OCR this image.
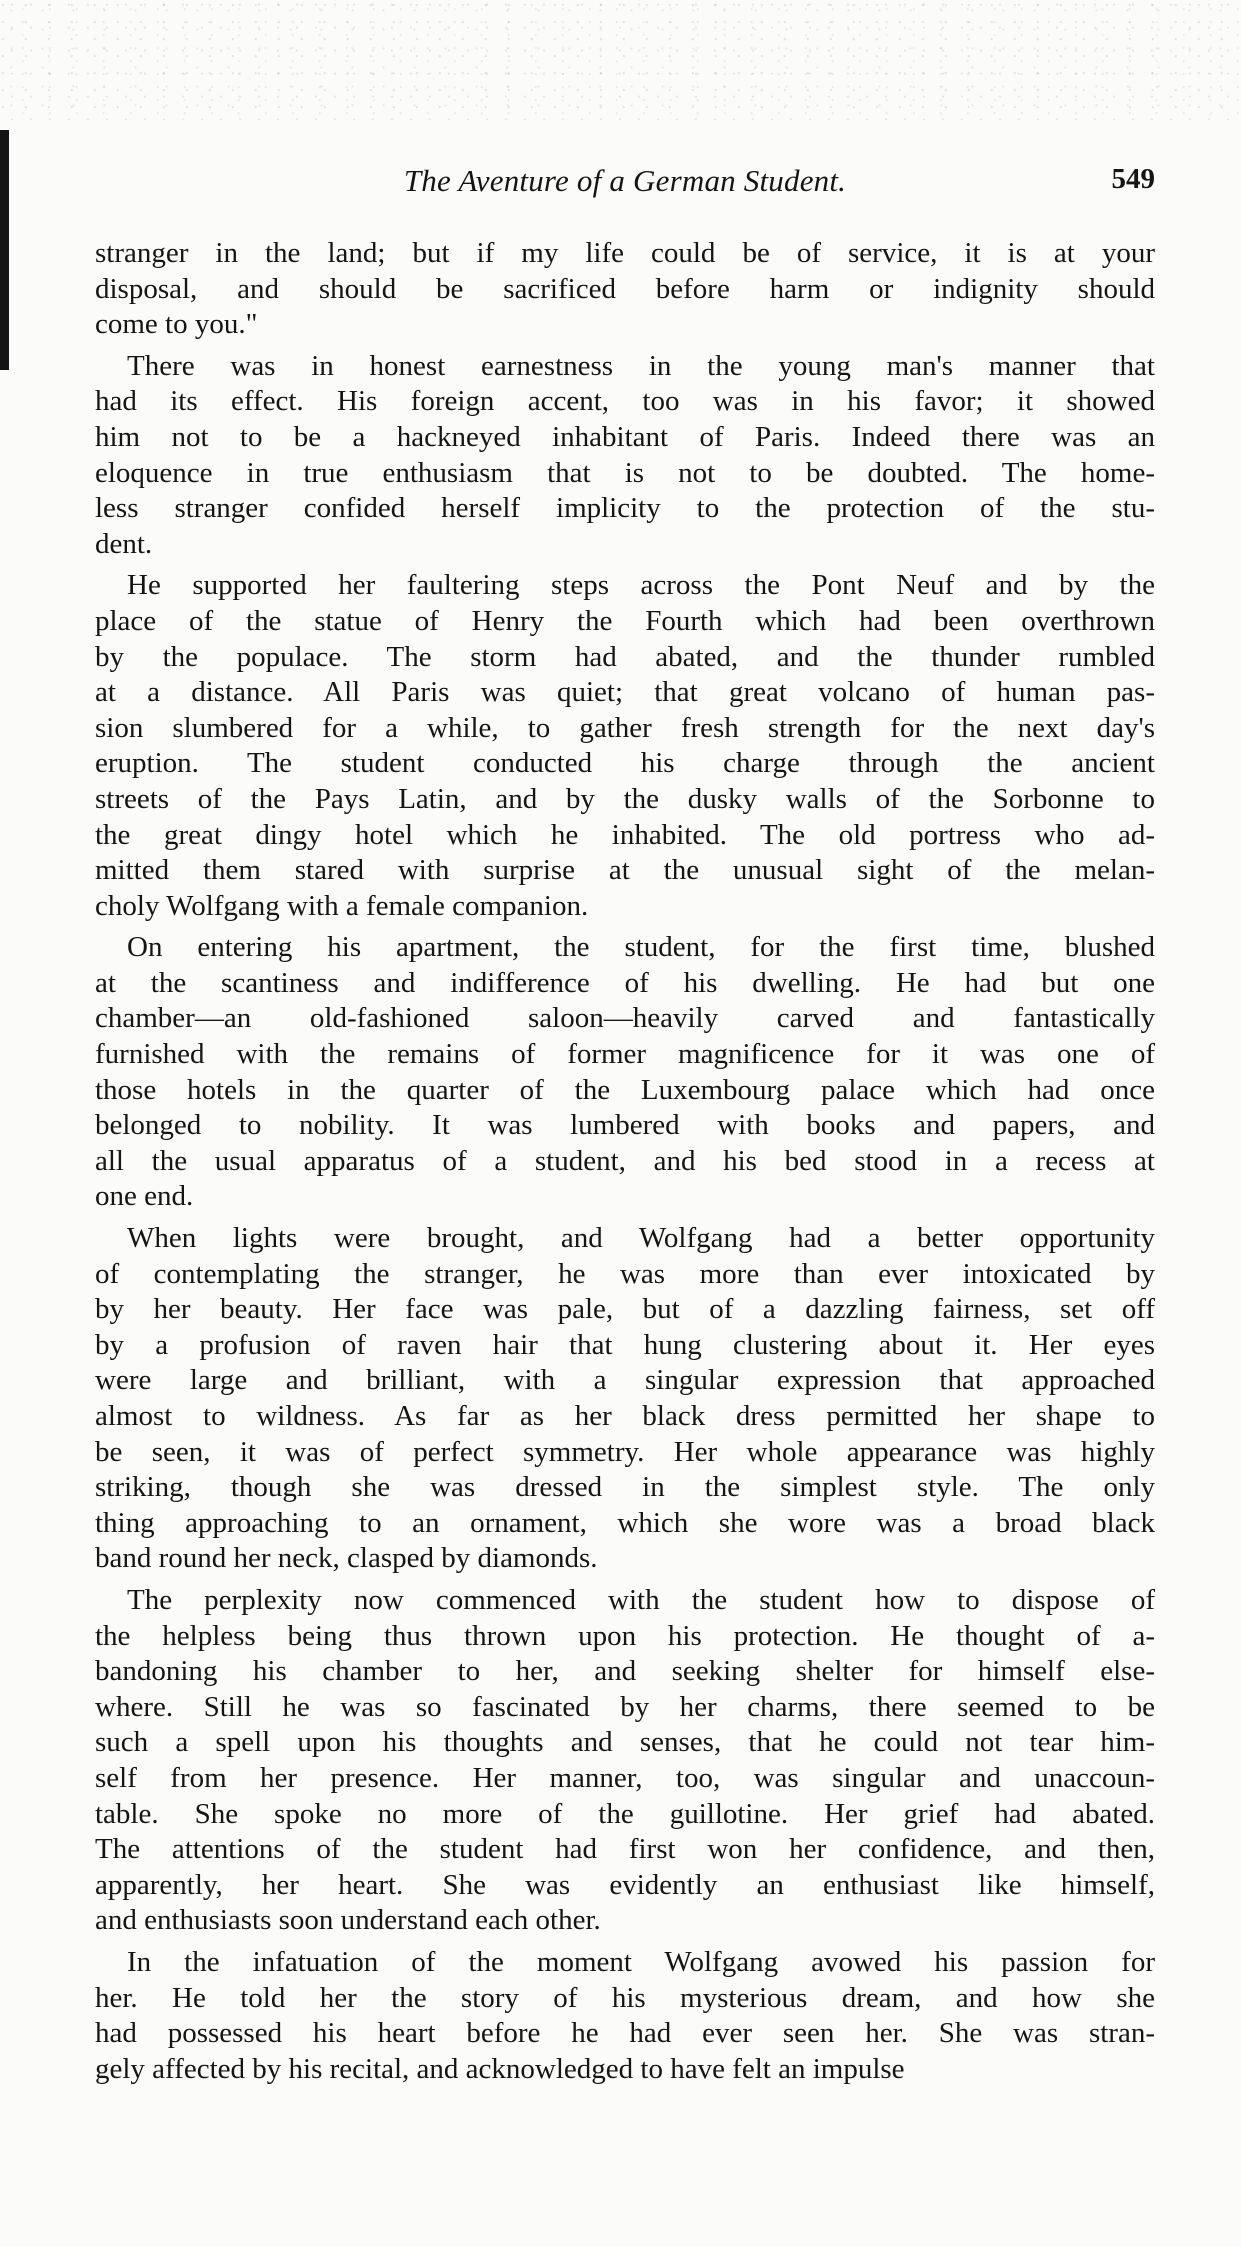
The Aventure of a German Student.	549
stranger in the land; but if my life could be of service, it is at your
disposal, and should be sacrificed before harm or indignity should
come to you."
There was in honest earnestness in the young man's manner that
had its effect. His foreign accent, too was in his favor; it showed
him not to be a hackneyed inhabitant of Paris. Indeed there was an
eloquence in true enthusiasm that is not to be doubted. The home-
less stranger confided herself implicity to the protection of the stu-
dent.
He supported her faultering steps across the Pont Neuf and by the
place of the statue of Henry the Fourth which had been overthrown
by the populace. The storm had abated, and the thunder rumbled
at a distance. All Paris was quiet; that great volcano of human pas-
sion slumbered for a while, to gather fresh strength for the next day's
eruption. The student conducted his charge through the ancient
streets of the Pays Latin, and by the dusky walls of the Sorbonne to
the great dingy hotel which he inhabited. The old portress who ad-
mitted them stared with surprise at the unusual sight of the melan-
choly Wolfgang with a female companion.
On entering his apartment, the student, for the first time, blushed
at the scantiness and indifference of his dwelling. He had but one
chamber—an old-fashioned saloon—heavily carved and fantastically
furnished with the remains of former magnificence for it was one of
those hotels in the quarter of the Luxembourg palace which had once
belonged to nobility. It was lumbered with books and papers, and
all the usual apparatus of a student, and his bed stood in a recess at
one end.
When lights were brought, and Wolfgang had a better opportunity
of contemplating the stranger, he was more than ever intoxicated by
by her beauty. Her face was pale, but of a dazzling fairness, set off
by a profusion of raven hair that hung clustering about it. Her eyes
were large and brilliant, with a singular expression that approached
almost to wildness. As far as her black dress permitted her shape to
be seen, it was of perfect symmetry. Her whole appearance was highly
striking, though she was dressed in the simplest style. The only
thing approaching to an ornament, which she wore was a broad black
band round her neck, clasped by diamonds.
The perplexity now commenced with the student how to dispose of
the helpless being thus thrown upon his protection. He thought of a-
bandoning his chamber to her, and seeking shelter for himself else-
where. Still he was so fascinated by her charms, there seemed to be
such a spell upon his thoughts and senses, that he could not tear him-
self from her presence. Her manner, too, was singular and unaccoun-
table. She spoke no more of the guillotine. Her grief had abated.
The attentions of the student had first won her confidence, and then,
apparently, her heart. She was evidently an enthusiast like himself,
and enthusiasts soon understand each other.
In the infatuation of the moment Wolfgang avowed his passion for
her. He told her the story of his mysterious dream, and how she
had possessed his heart before he had ever seen her. She was stran-
gely affected by his recital, and acknowledged to have felt an impulse
